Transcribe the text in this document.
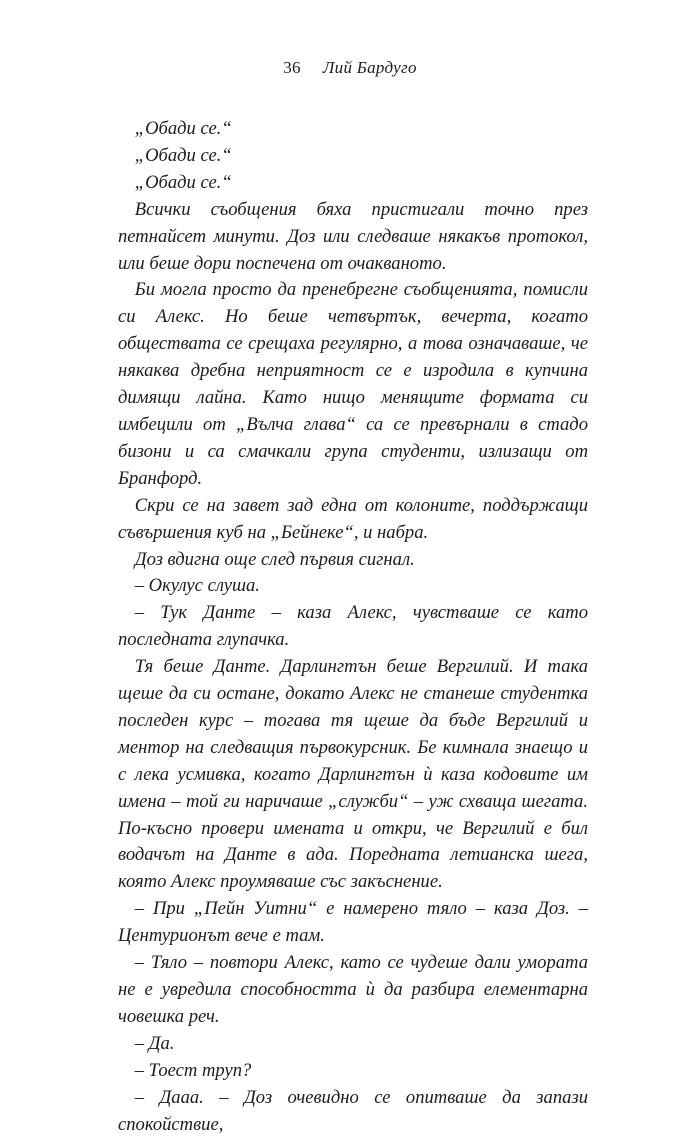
36 Лий Бардуго

„Обади се.“

„Обади се.“

„Обади се.“

Всички съобщения бяха пристигали точно през петнайсет минути. Доз или следваше някакъв протокол, или беше дори поспечена от очакваното.

Би могла просто да пренебрегне съобщенията, помисли си Алекс. Но беше четвъртък, вечерта, когато обществата се срещаха регулярно, а това означаваше, че някаква дребна неприятност се е изродила в купчина димящи лайна. Като нищо менящите формата си имбецили от „Вълча глава“ са се превърнали в стадо бизони и са смачкали група студенти, излизащи от Бранфорд.

Скри се на завет зад една от колоните, поддържащи съвършения куб на „Бейнеке“, и набра.

Доз вдигна още след първия сигнал.

– Окулус слуша.

– Тук Данте – каза Алекс, чувстваше се като последната глупачка.

Тя беше Данте. Дарлингтън беше Вергилий. И така щеше да си остане, докато Алекс не станеше студентка последен курс – тогава тя щеше да бъде Вергилий и ментор на следващия първокурсник. Бе кимнала знаещо и с лека усмивка, когато Дарлингтън ѝ каза кодовите им имена – той ги наричаше „служби“ – уж схваща шегата. По-късно провери имената и откри, че Вергилий е бил водачът на Данте в ада. Поредната летианска шега, която Алекс проумяваше със закъснение.

– При „Пейн Уитни“ е намерено тяло – каза Доз. – Центурионът вече е там.

– Тяло – повтори Алекс, като се чудеше дали умората не е увредила способността ѝ да разбира елементарна човешка реч.

– Да.

– Тоест труп?

– Дааа. – Доз очевидно се опитваше да запази спокойствие,
